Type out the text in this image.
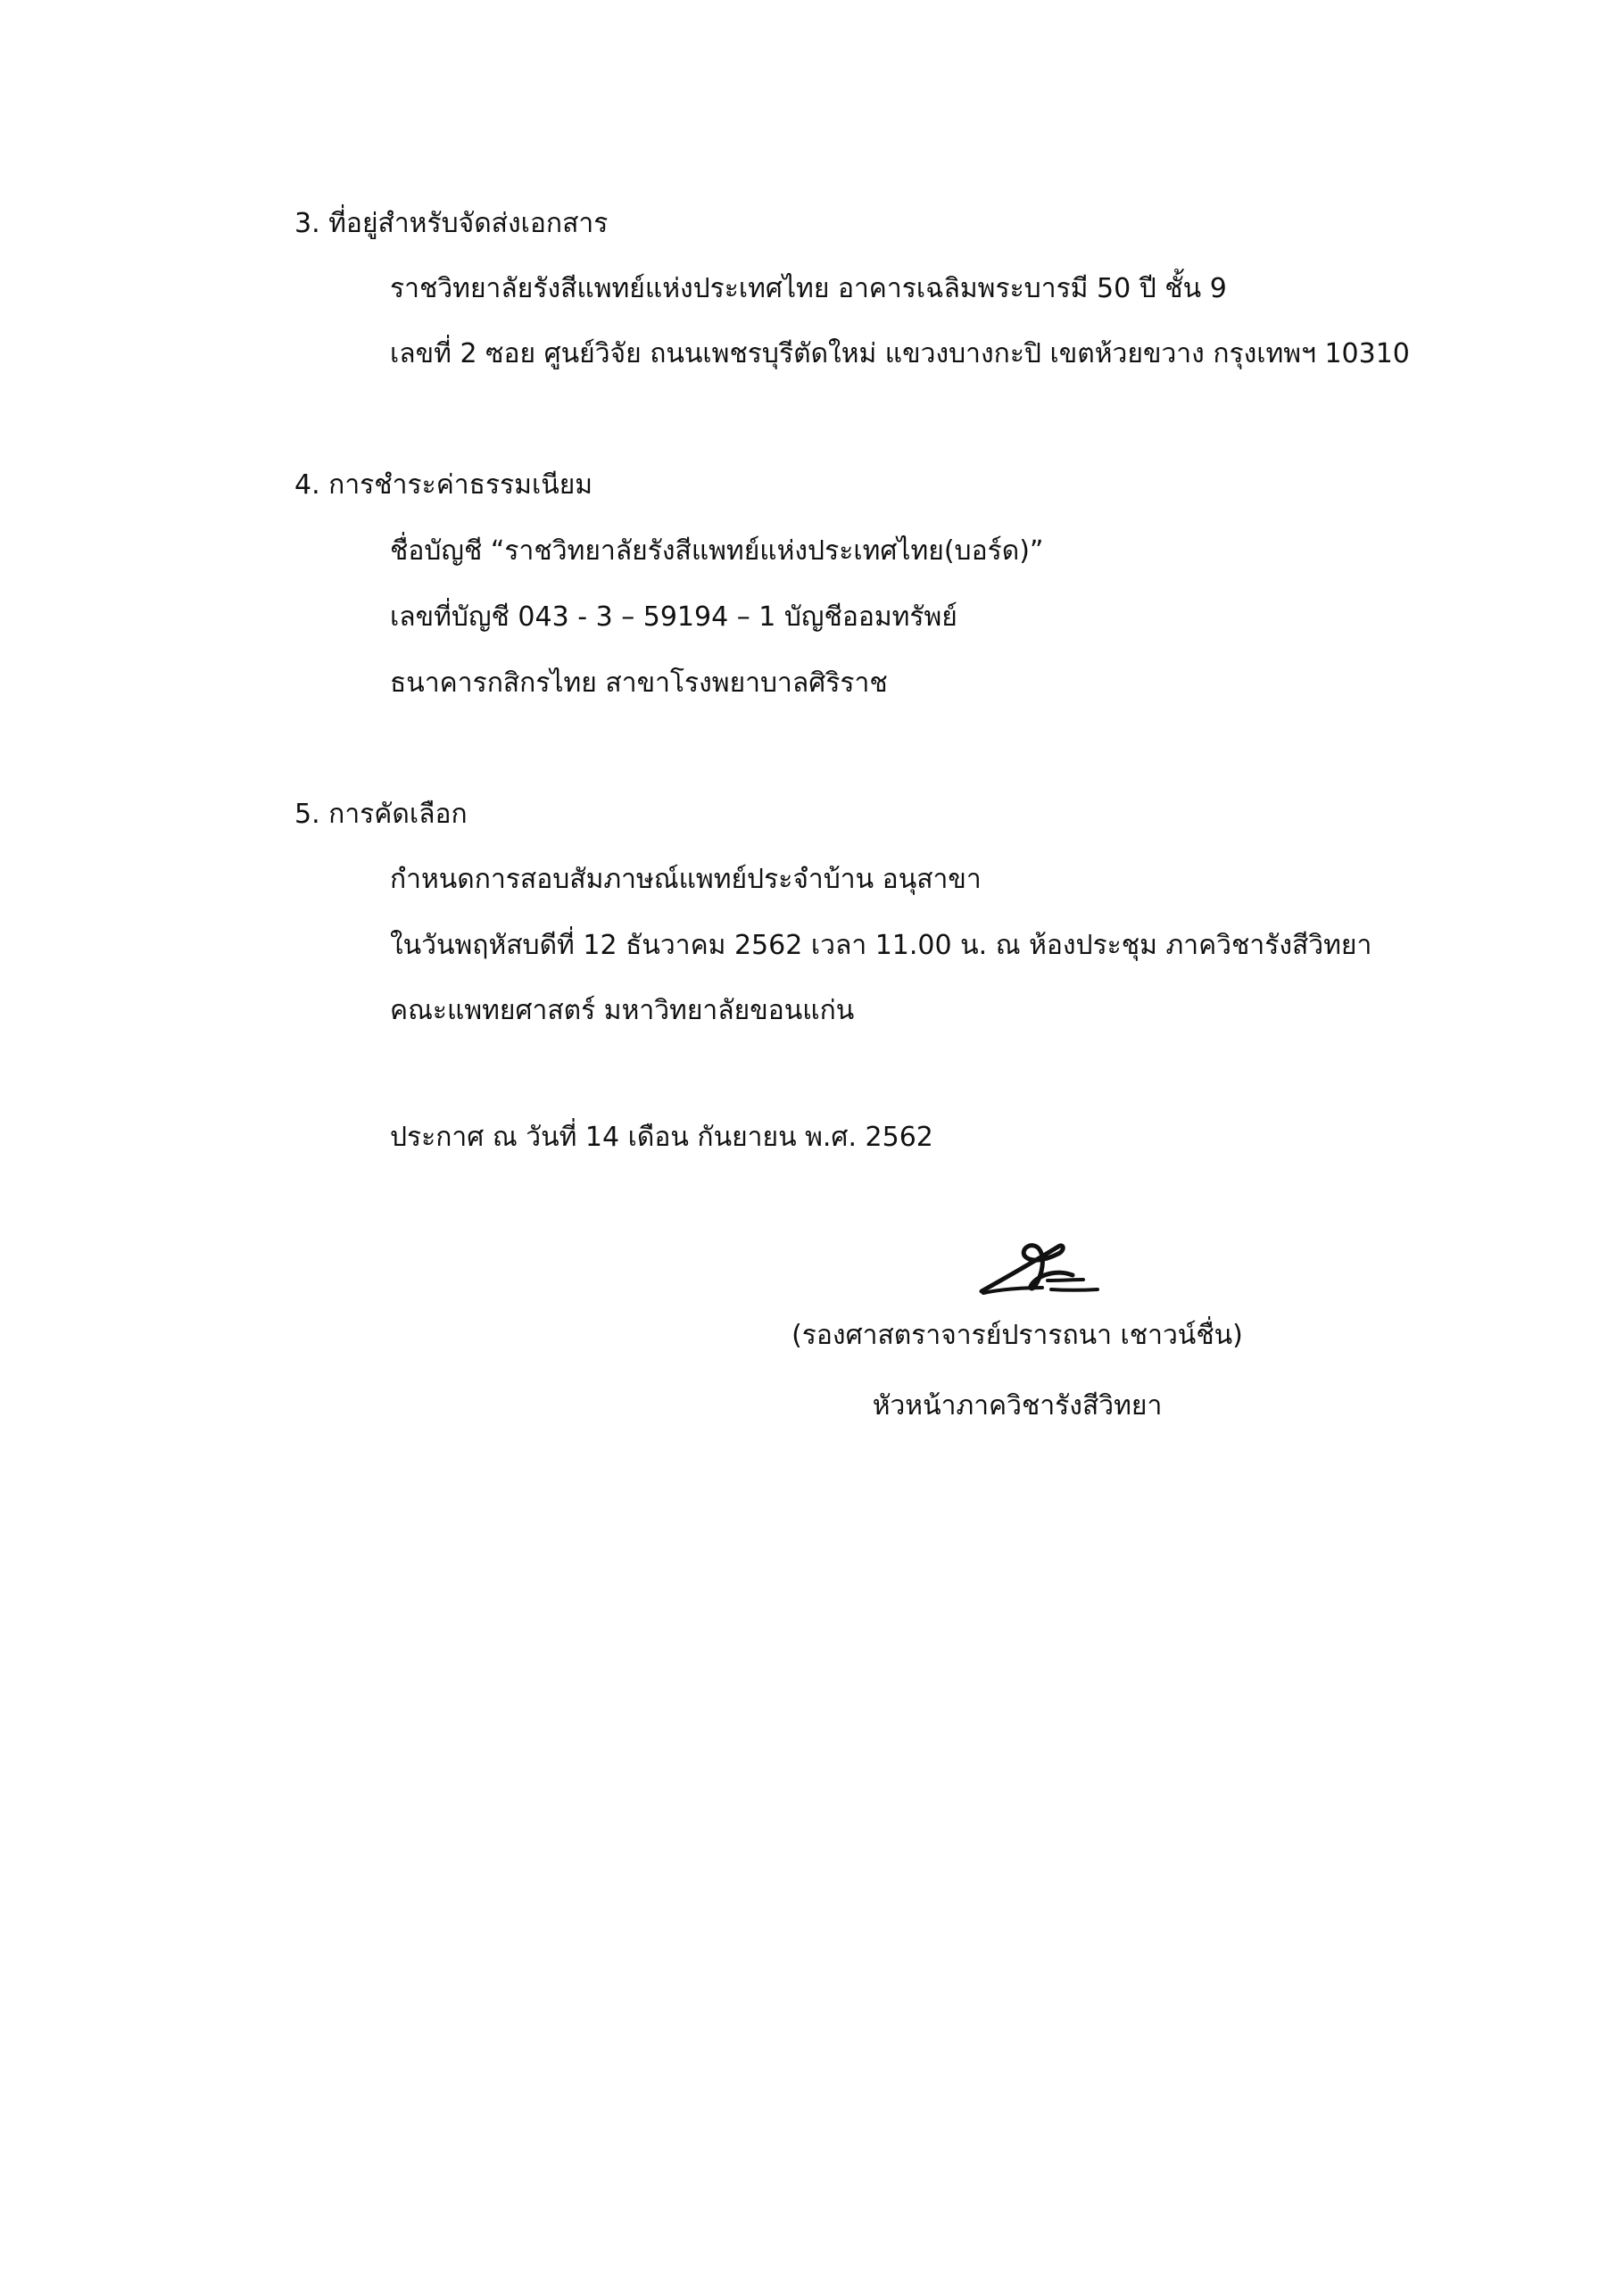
3. ที่อยู่สำหรับจัดส่งเอกสาร
ราชวิทยาลัยรังสีแพทย์แห่งประเทศไทย อาคารเฉลิมพระบารมี 50 ปี ชั้น 9
เลขที่ 2 ซอย ศูนย์วิจัย ถนนเพชรบุรีตัดใหม่ แขวงบางกะปิ เขตห้วยขวาง กรุงเทพฯ 10310
4. การชำระค่าธรรมเนียม
ชื่อบัญชี “ราชวิทยาลัยรังสีแพทย์แห่งประเทศไทย(บอร์ด)”
เลขที่บัญชี 043 - 3 – 59194 – 1 บัญชีออมทรัพย์
ธนาคารกสิกรไทย สาขาโรงพยาบาลศิริราช
5. การคัดเลือก
กำหนดการสอบสัมภาษณ์แพทย์ประจำบ้าน อนุสาขา
ในวันพฤหัสบดีที่ 12 ธันวาคม 2562 เวลา 11.00 น. ณ ห้องประชุม ภาควิชารังสีวิทยา
คณะแพทยศาสตร์ มหาวิทยาลัยขอนแก่น
ประกาศ ณ วันที่ 14 เดือน กันยายน พ.ศ. 2562
(รองศาสตราจารย์ปรารถนา เชาวน์ชื่น)
หัวหน้าภาควิชารังสีวิทยา
